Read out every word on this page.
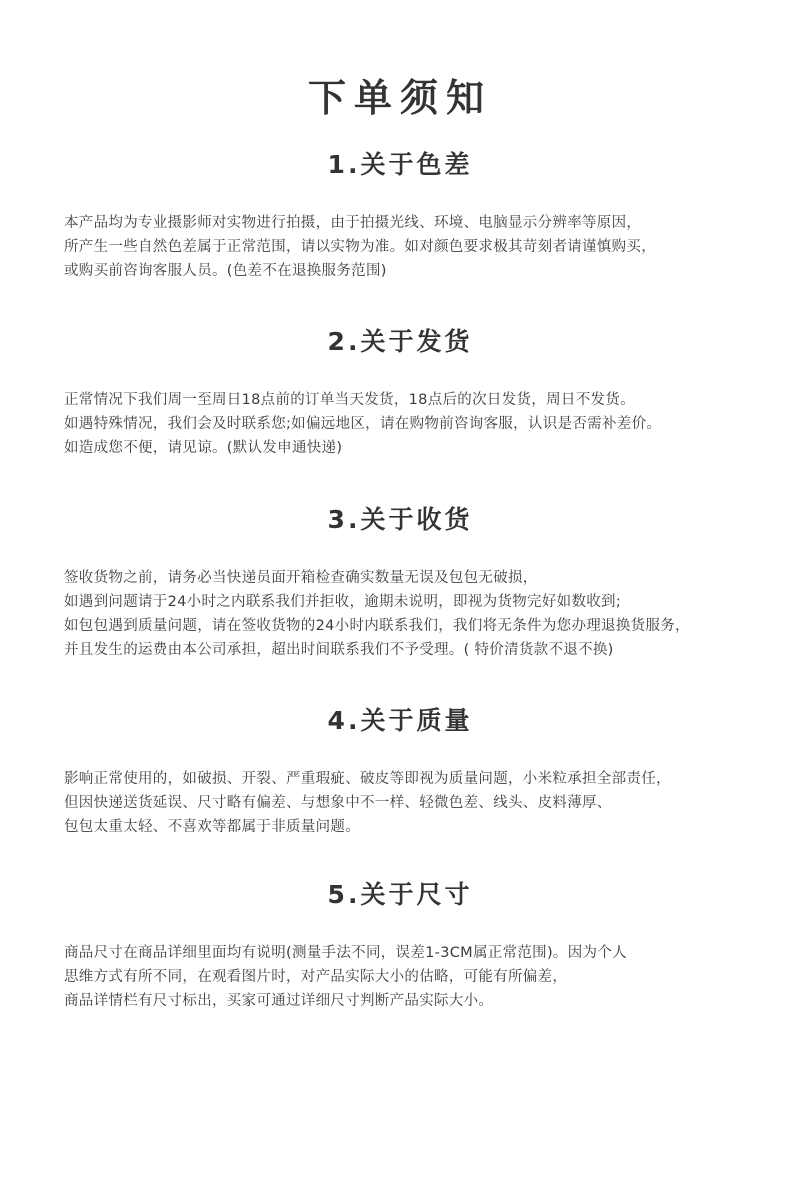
下单须知
1.关于色差
本产品均为专业摄影师对实物进行拍摄，由于拍摄光线、环境、电脑显示分辨率等原因，
所产生一些自然色差属于正常范围，请以实物为准。如对颜色要求极其苛刻者请谨慎购买，
或购买前咨询客服人员。(色差不在退换服务范围)
2.关于发货
正常情况下我们周一至周日18点前的订单当天发货，18点后的次日发货，周日不发货。
如遇特殊情况，我们会及时联系您;如偏远地区，请在购物前咨询客服，认识是否需补差价。
如造成您不便，请见谅。(默认发申通快递)
3.关于收货
签收货物之前，请务必当快递员面开箱检查确实数量无误及包包无破损，
如遇到问题请于24小时之内联系我们并拒收，逾期未说明，即视为货物完好如数收到;
如包包遇到质量问题，请在签收货物的24小时内联系我们，我们将无条件为您办理退换货服务，
并且发生的运费由本公司承担，超出时间联系我们不予受理。( 特价清货款不退不换)
4.关于质量
影响正常使用的，如破损、开裂、严重瑕疵、破皮等即视为质量问题，小米粒承担全部责任，
但因快递送货延误、尺寸略有偏差、与想象中不一样、轻微色差、线头、皮料薄厚、
包包太重太轻、不喜欢等都属于非质量问题。
5.关于尺寸
商品尺寸在商品详细里面均有说明(测量手法不同，误差1-3CM属正常范围)。因为个人
思维方式有所不同，在观看图片时，对产品实际大小的估略，可能有所偏差，
商品详情栏有尺寸标出，买家可通过详细尺寸判断产品实际大小。
